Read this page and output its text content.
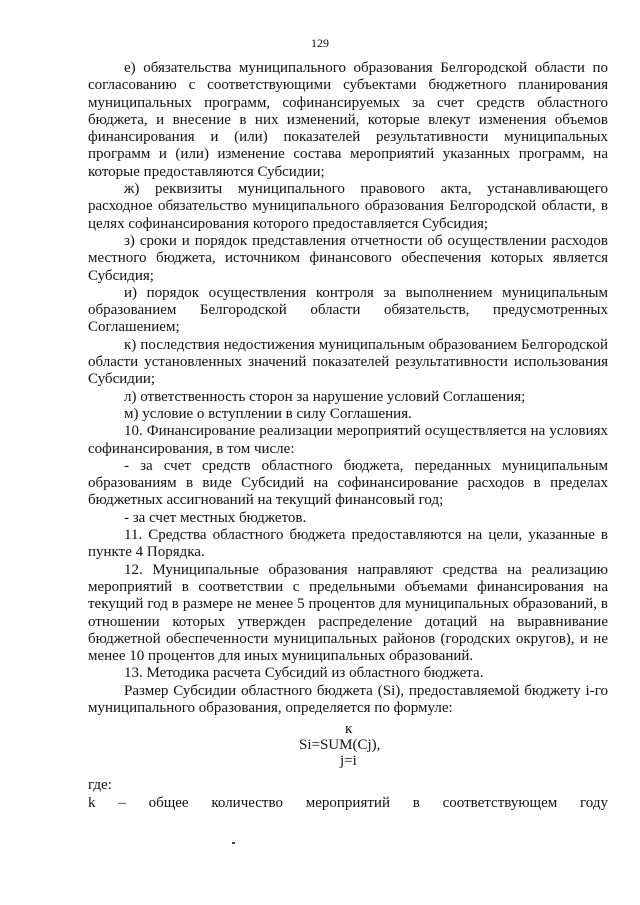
129
е) обязательства муниципального образования Белгородской области по согласованию с соответствующими субъектами бюджетного планирования муниципальных программ, софинансируемых за счет средств областного бюджета, и внесение в них изменений, которые влекут изменения объемов финансирования и (или) показателей результативности муниципальных программ и (или) изменение состава мероприятий указанных программ, на которые предоставляются Субсидии;
ж) реквизиты муниципального правового акта, устанавливающего расходное обязательство муниципального образования Белгородской области, в целях софинансирования которого предоставляется Субсидия;
з) сроки и порядок представления отчетности об осуществлении расходов местного бюджета, источником финансового обеспечения которых является Субсидия;
и) порядок осуществления контроля за выполнением муниципальным образованием Белгородской области обязательств, предусмотренных Соглашением;
к) последствия недостижения муниципальным образованием Белгородской области установленных значений показателей результативности использования Субсидии;
л) ответственность сторон за нарушение условий Соглашения;
м) условие о вступлении в силу Соглашения.
10. Финансирование реализации мероприятий осуществляется на условиях софинансирования, в том числе:
- за счет средств областного бюджета, переданных муниципальным образованиям в виде Субсидий на софинансирование расходов в пределах бюджетных ассигнований на текущий финансовый год;
- за счет местных бюджетов.
11. Средства областного бюджета предоставляются на цели, указанные в пункте 4 Порядка.
12. Муниципальные образования направляют средства на реализацию мероприятий в соответствии с предельными объемами финансирования на текущий год в размере не менее 5 процентов для муниципальных образований, в отношении которых утвержден распределение дотаций на выравнивание бюджетной обеспеченности муниципальных районов (городских округов), и не менее 10 процентов для иных муниципальных образований.
13. Методика расчета Субсидий из областного бюджета.
Размер Субсидии областного бюджета (Si), предоставляемой бюджету i-го муниципального образования, определяется по формуле:
к
Si=SUM(Cj),
j=i
где:
k – общее количество мероприятий в соответствующем году
